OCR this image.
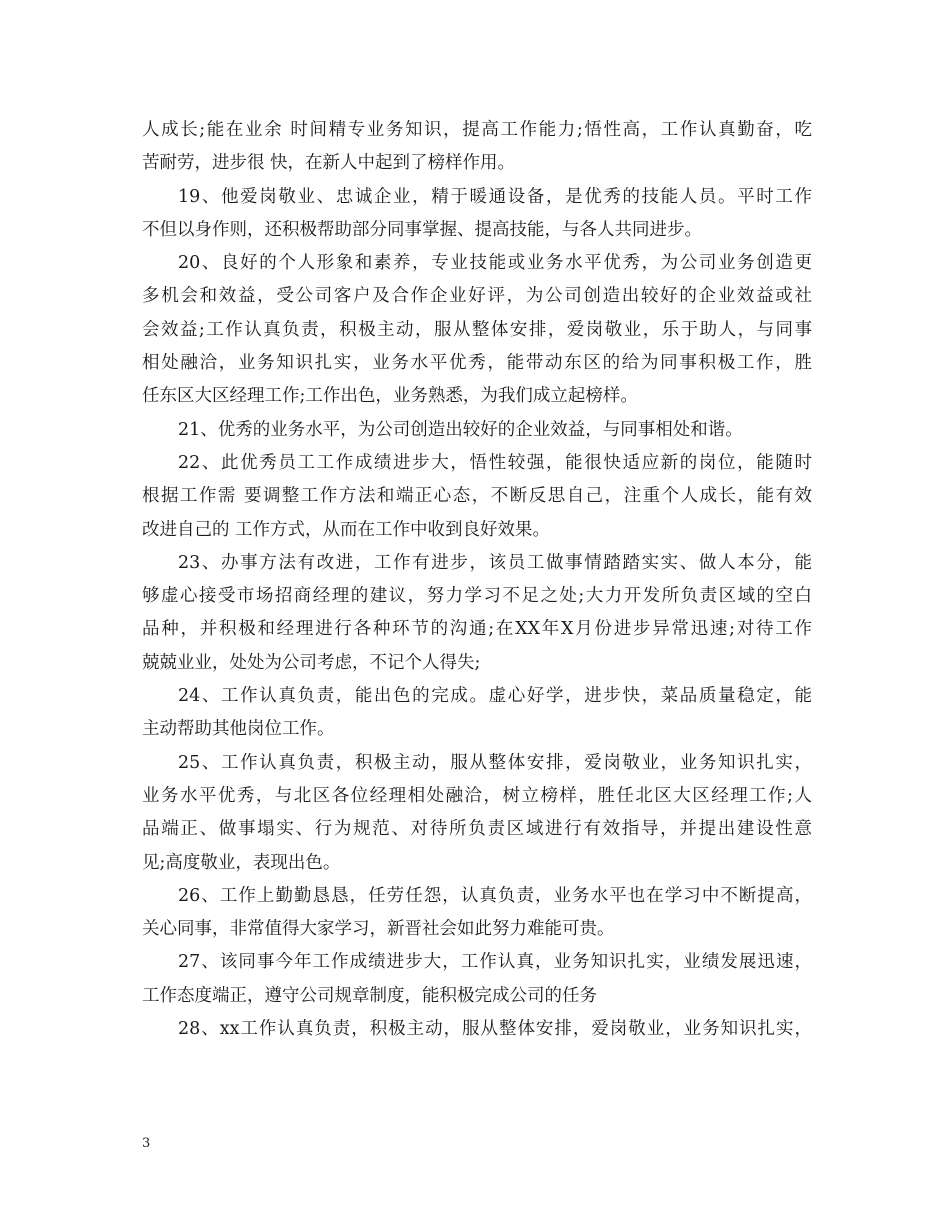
人成长;能在业余 时间精专业务知识，提高工作能力;悟性高，工作认真勤奋，吃
苦耐劳，进步很 快，在新人中起到了榜样作用。
19、他爱岗敬业、忠诚企业，精于暖通设备，是优秀的技能人员。平时工作
不但以身作则，还积极帮助部分同事掌握、提高技能，与各人共同进步。
20、良好的个人形象和素养，专业技能或业务水平优秀，为公司业务创造更
多机会和效益，受公司客户及合作企业好评，为公司创造出较好的企业效益或社
会效益;工作认真负责，积极主动，服从整体安排，爱岗敬业，乐于助人，与同事
相处融洽，业务知识扎实，业务水平优秀，能带动东区的给为同事积极工作，胜
任东区大区经理工作;工作出色，业务熟悉，为我们成立起榜样。
21、优秀的业务水平，为公司创造出较好的企业效益，与同事相处和谐。
22、此优秀员工工作成绩进步大，悟性较强，能很快适应新的岗位，能随时
根据工作需 要调整工作方法和端正心态，不断反思自己，注重个人成长，能有效
改进自己的 工作方式，从而在工作中收到良好效果。
23、办事方法有改进，工作有进步，该员工做事情踏踏实实、做人本分，能
够虚心接受市场招商经理的建议，努力学习不足之处;大力开发所负责区域的空白
品种，并积极和经理进行各种环节的沟通;在XX年X月份进步异常迅速;对待工作
兢兢业业，处处为公司考虑，不记个人得失;
24、工作认真负责，能出色的完成。虚心好学，进步快，菜品质量稳定，能
主动帮助其他岗位工作。
25、工作认真负责，积极主动，服从整体安排，爱岗敬业，业务知识扎实，
业务水平优秀，与北区各位经理相处融洽，树立榜样，胜任北区大区经理工作;人
品端正、做事塌实、行为规范、对待所负责区域进行有效指导，并提出建设性意
见;高度敬业，表现出色。
26、工作上勤勤恳恳，任劳任怨，认真负责，业务水平也在学习中不断提高，
关心同事，非常值得大家学习，新晋社会如此努力难能可贵。
27、该同事今年工作成绩进步大，工作认真，业务知识扎实，业绩发展迅速，
工作态度端正，遵守公司规章制度，能积极完成公司的任务
28、xx工作认真负责，积极主动，服从整体安排，爱岗敬业，业务知识扎实，
3
